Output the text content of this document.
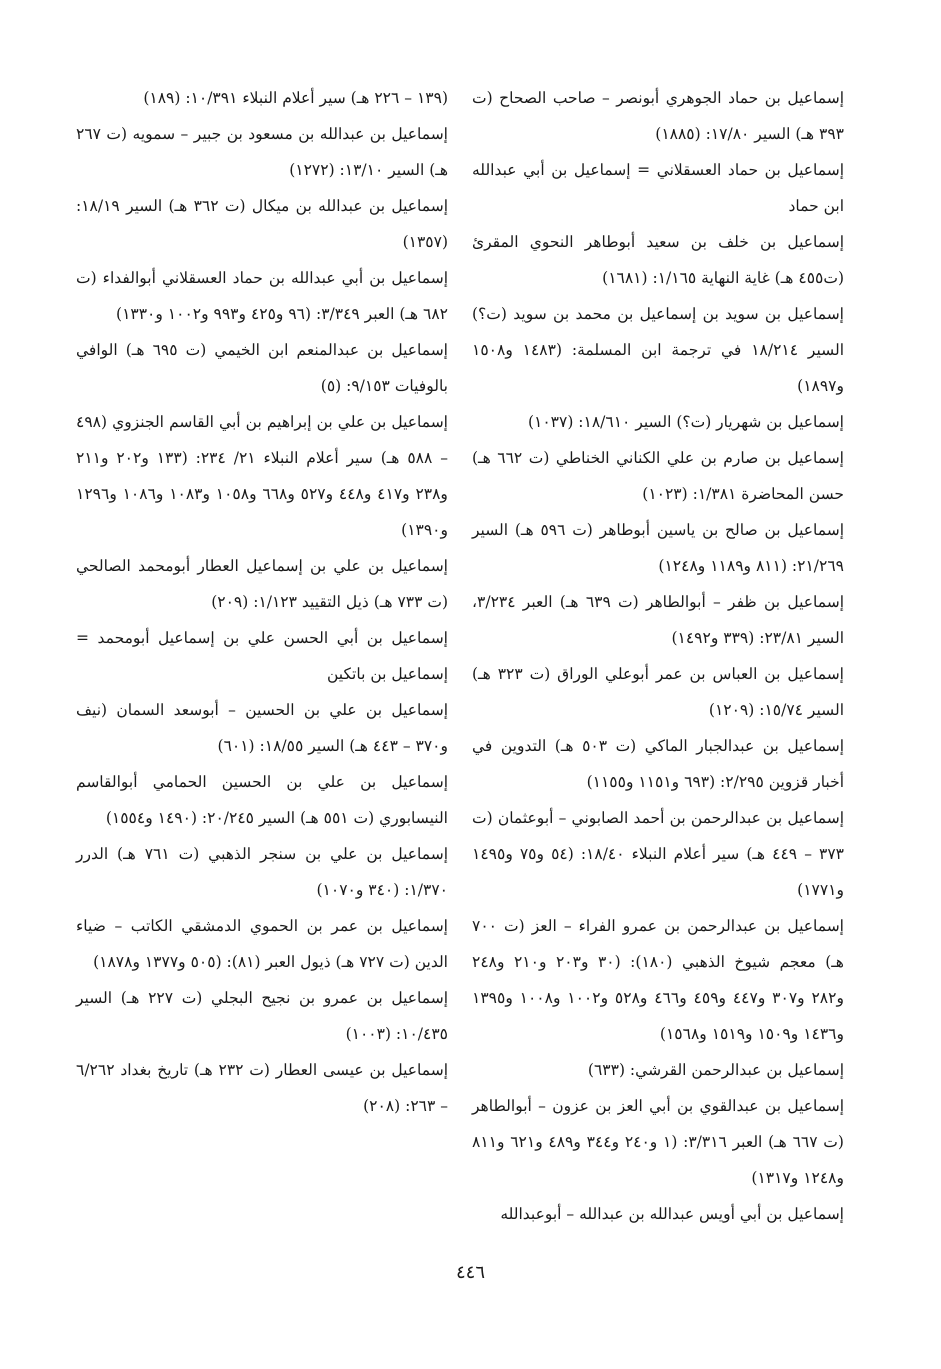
إسماعيل بن حماد الجوهري أبونصر – صاحب الصحاح (ت ٣٩٣ هـ) السير ١٧/٨٠: (١٨٨٥)

إسماعيل بن حماد العسقلاني = إسماعيل بن أبي عبدالله ابن حماد

إسماعيل بن خلف بن سعيد أبوطاهر النحوي المقرئ (ت٤٥٥ هـ) غاية النهاية ١/١٦٥: (١٦٨١)

إسماعيل بن سويد بن إسماعيل بن محمد بن سويد (ت؟) السير ١٨/٢١٤ في ترجمة ابن المسلمة: (١٤٨٣ و١٥٠٨ و١٨٩٧)

إسماعيل بن شهريار (ت؟) السير ١٨/٦١٠: (١٠٣٧)

إسماعيل بن صارم بن علي الكناني الخناطي (ت ٦٦٢ هـ) حسن المحاضرة ١/٣٨١: (١٠٢٣)

إسماعيل بن صالح بن ياسين أبوطاهر (ت ٥٩٦ هـ) السير ٢١/٢٦٩: (٨١١ و١١٨٩ و١٢٤٨)

إسماعيل بن ظفر – أبوالطاهر (ت ٦٣٩ هـ) العبر ٣/٢٣٤، السير ٢٣/٨١: (٣٣٩ و١٤٩٢)

إسماعيل بن العباس بن عمر أبوعلي الوراق (ت ٣٢٣ هـ) السير ١٥/٧٤: (١٢٠٩)

إسماعيل بن عبدالجبار الماكي (ت ٥٠٣ هـ) التدوين في أخبار قزوين ٢/٢٩٥: (٦٩٣ و١١٥١ و١١٥٥)

إسماعيل بن عبدالرحمن بن أحمد الصابوني – أبوعثمان (ت ٣٧٣ – ٤٤٩ هـ) سير أعلام النبلاء ١٨/٤٠: (٥٤ و٧٥ و١٤٩٥ و١٧٧١)

إسماعيل بن عبدالرحمن بن عمرو الفراء – العز (ت ٧٠٠ هـ) معجم شيوخ الذهبي (١٨٠): (٣٠ و٢٠٣ و٢١٠ و٢٤٨ و٢٨٢ و٣٠٧ و٤٤٧ و٤٥٩ و٤٦٦ و٥٢٨ و١٠٠٢ و١٠٠٨ و١٣٩٥ و١٤٣٦ و١٥٠٩ و١٥١٩ و١٥٦٨)

إسماعيل بن عبدالرحمن القرشي: (٦٣٣)

إسماعيل بن عبدالقوي بن أبي العز بن عزون – أبوالطاهر (ت ٦٦٧ هـ) العبر ٣/٣١٦: (١ و٢٤٠ و٣٤٤ و٤٨٩ و٦٢١ و٨١١ و١٢٤٨ و١٣١٧)

إسماعيل بن أبي أويس عبدالله بن عبدالله – أبوعبدالله

(١٣٩ – ٢٢٦ هـ) سير أعلام النبلاء ١٠/٣٩١: (١٨٩)

إسماعيل بن عبدالله بن مسعود بن جبير – سمويه (ت ٢٦٧ هـ) السير ١٣/١٠: (١٢٧٢)

إسماعيل بن عبدالله بن ميكال (ت ٣٦٢ هـ) السير ١٨/١٩: (١٣٥٧)

إسماعيل بن أبي عبدالله بن حماد العسقلاني أبوالفداء (ت ٦٨٢ هـ) العبر ٣/٣٤٩: (٩٦ و٤٢٥ و٩٩٣ و١٠٠٢ و١٣٣٠)

إسماعيل بن عبدالمنعم ابن الخيمي (ت ٦٩٥ هـ) الوافي بالوفيات ٩/١٥٣: (٥)

إسماعيل بن علي بن إبراهيم بن أبي القاسم الجنزوي (٤٩٨ – ٥٨٨ هـ) سير أعلام النبلاء ٢١/ ٢٣٤: (١٣٣ و٢٠٢ و٢١١ و٢٣٨ و٤١٧ و٤٤٨ و٥٢٧ و٦٦٨ و١٠٥٨ و١٠٨٣ و١٠٨٦ و١٢٩٦ و١٣٩٠)

إسماعيل بن علي بن إسماعيل العطار أبومحمد الصالحي (ت ٧٣٣ هـ) ذيل التقييد ١/١٢٣: (٢٠٩)

إسماعيل بن أبي الحسن علي بن إسماعيل أبومحمد = إسماعيل بن باتكين

إسماعيل بن علي بن الحسين – أبوسعد السمان (نيف و٣٧٠ – ٤٤٣ هـ) السير ١٨/٥٥: (٦٠١)

إسماعيل بن علي بن الحسين الحمامي أبوالقاسم النيسابوري (ت ٥٥١ هـ) السير ٢٠/٢٤٥: (١٤٩٠ و١٥٥٤)

إسماعيل بن علي بن سنجر الذهبي (ت ٧٦١ هـ) الدرر ١/٣٧٠: (٣٤٠ و١٠٧٠)

إسماعيل بن عمر بن الحموي الدمشقي الكاتب – ضياء الدين (ت ٧٢٧ هـ) ذيول العبر (٨١): (٥٠٥ و١٣٧٧ و١٨٧٨)

إسماعيل بن عمرو بن نجيح البجلي (ت ٢٢٧ هـ) السير ١٠/٤٣٥: (١٠٠٣)

إسماعيل بن عيسى العطار (ت ٢٣٢ هـ) تاريخ بغداد ٦/٢٦٢ – ٢٦٣: (٢٠٨)

٤٤٦
